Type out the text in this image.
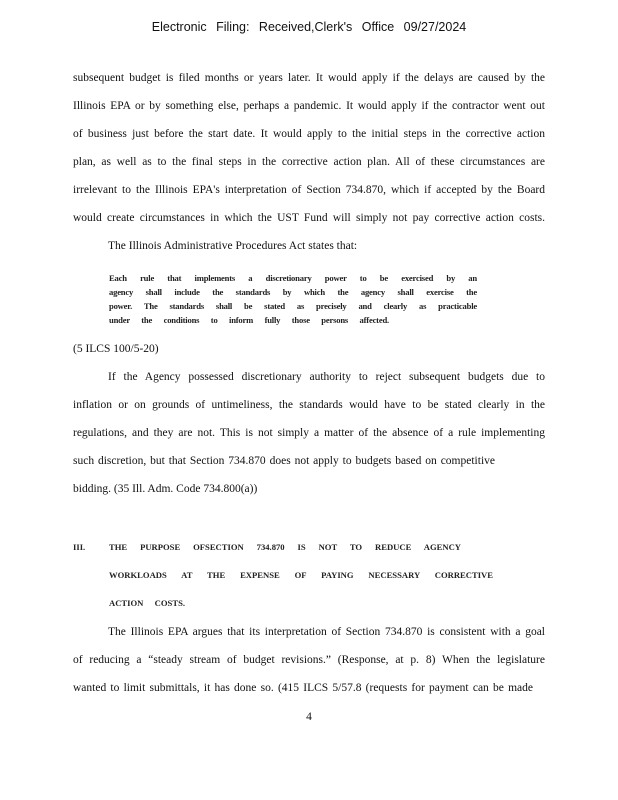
Electronic Filing: Received,Clerk's Office 09/27/2024
subsequent budget is filed months or years later. It would apply if the delays are caused by the
Illinois EPA or by something else, perhaps a pandemic. It would apply if the contractor went out
of business just before the start date. It would apply to the initial steps in the corrective action
plan, as well as to the final steps in the corrective action plan. All of these circumstances are
irrelevant to the Illinois EPA's interpretation of Section 734.870, which if accepted by the Board
would create circumstances in which the UST Fund will simply not pay corrective action costs.
The Illinois Administrative Procedures Act states that:
Each rule that implements a discretionary power to be exercised by an
agency shall include the standards by which the agency shall exercise the
power. The standards shall be stated as precisely and clearly as practicable
under the conditions to inform fully those persons affected.
(5 ILCS 100/5-20)
If the Agency possessed discretionary authority to reject subsequent budgets due to
inflation or on grounds of untimeliness, the standards would have to be stated clearly in the
regulations, and they are not. This is not simply a matter of the absence of a rule implementing
such discretion, but that Section 734.870 does not apply to budgets based on competitive
bidding. (35 Ill. Adm. Code 734.800(a))
III.	THE PURPOSE OFSECTION 734.870 IS NOT TO REDUCE AGENCY
WORKLOADS AT THE EXPENSE OF PAYING NECESSARY CORRECTIVE
ACTION COSTS.
The Illinois EPA argues that its interpretation of Section 734.870 is consistent with a goal
of reducing a “steady stream of budget revisions.” (Response, at p. 8) When the legislature
wanted to limit submittals, it has done so. (415 ILCS 5/57.8 (requests for payment can be made
4
